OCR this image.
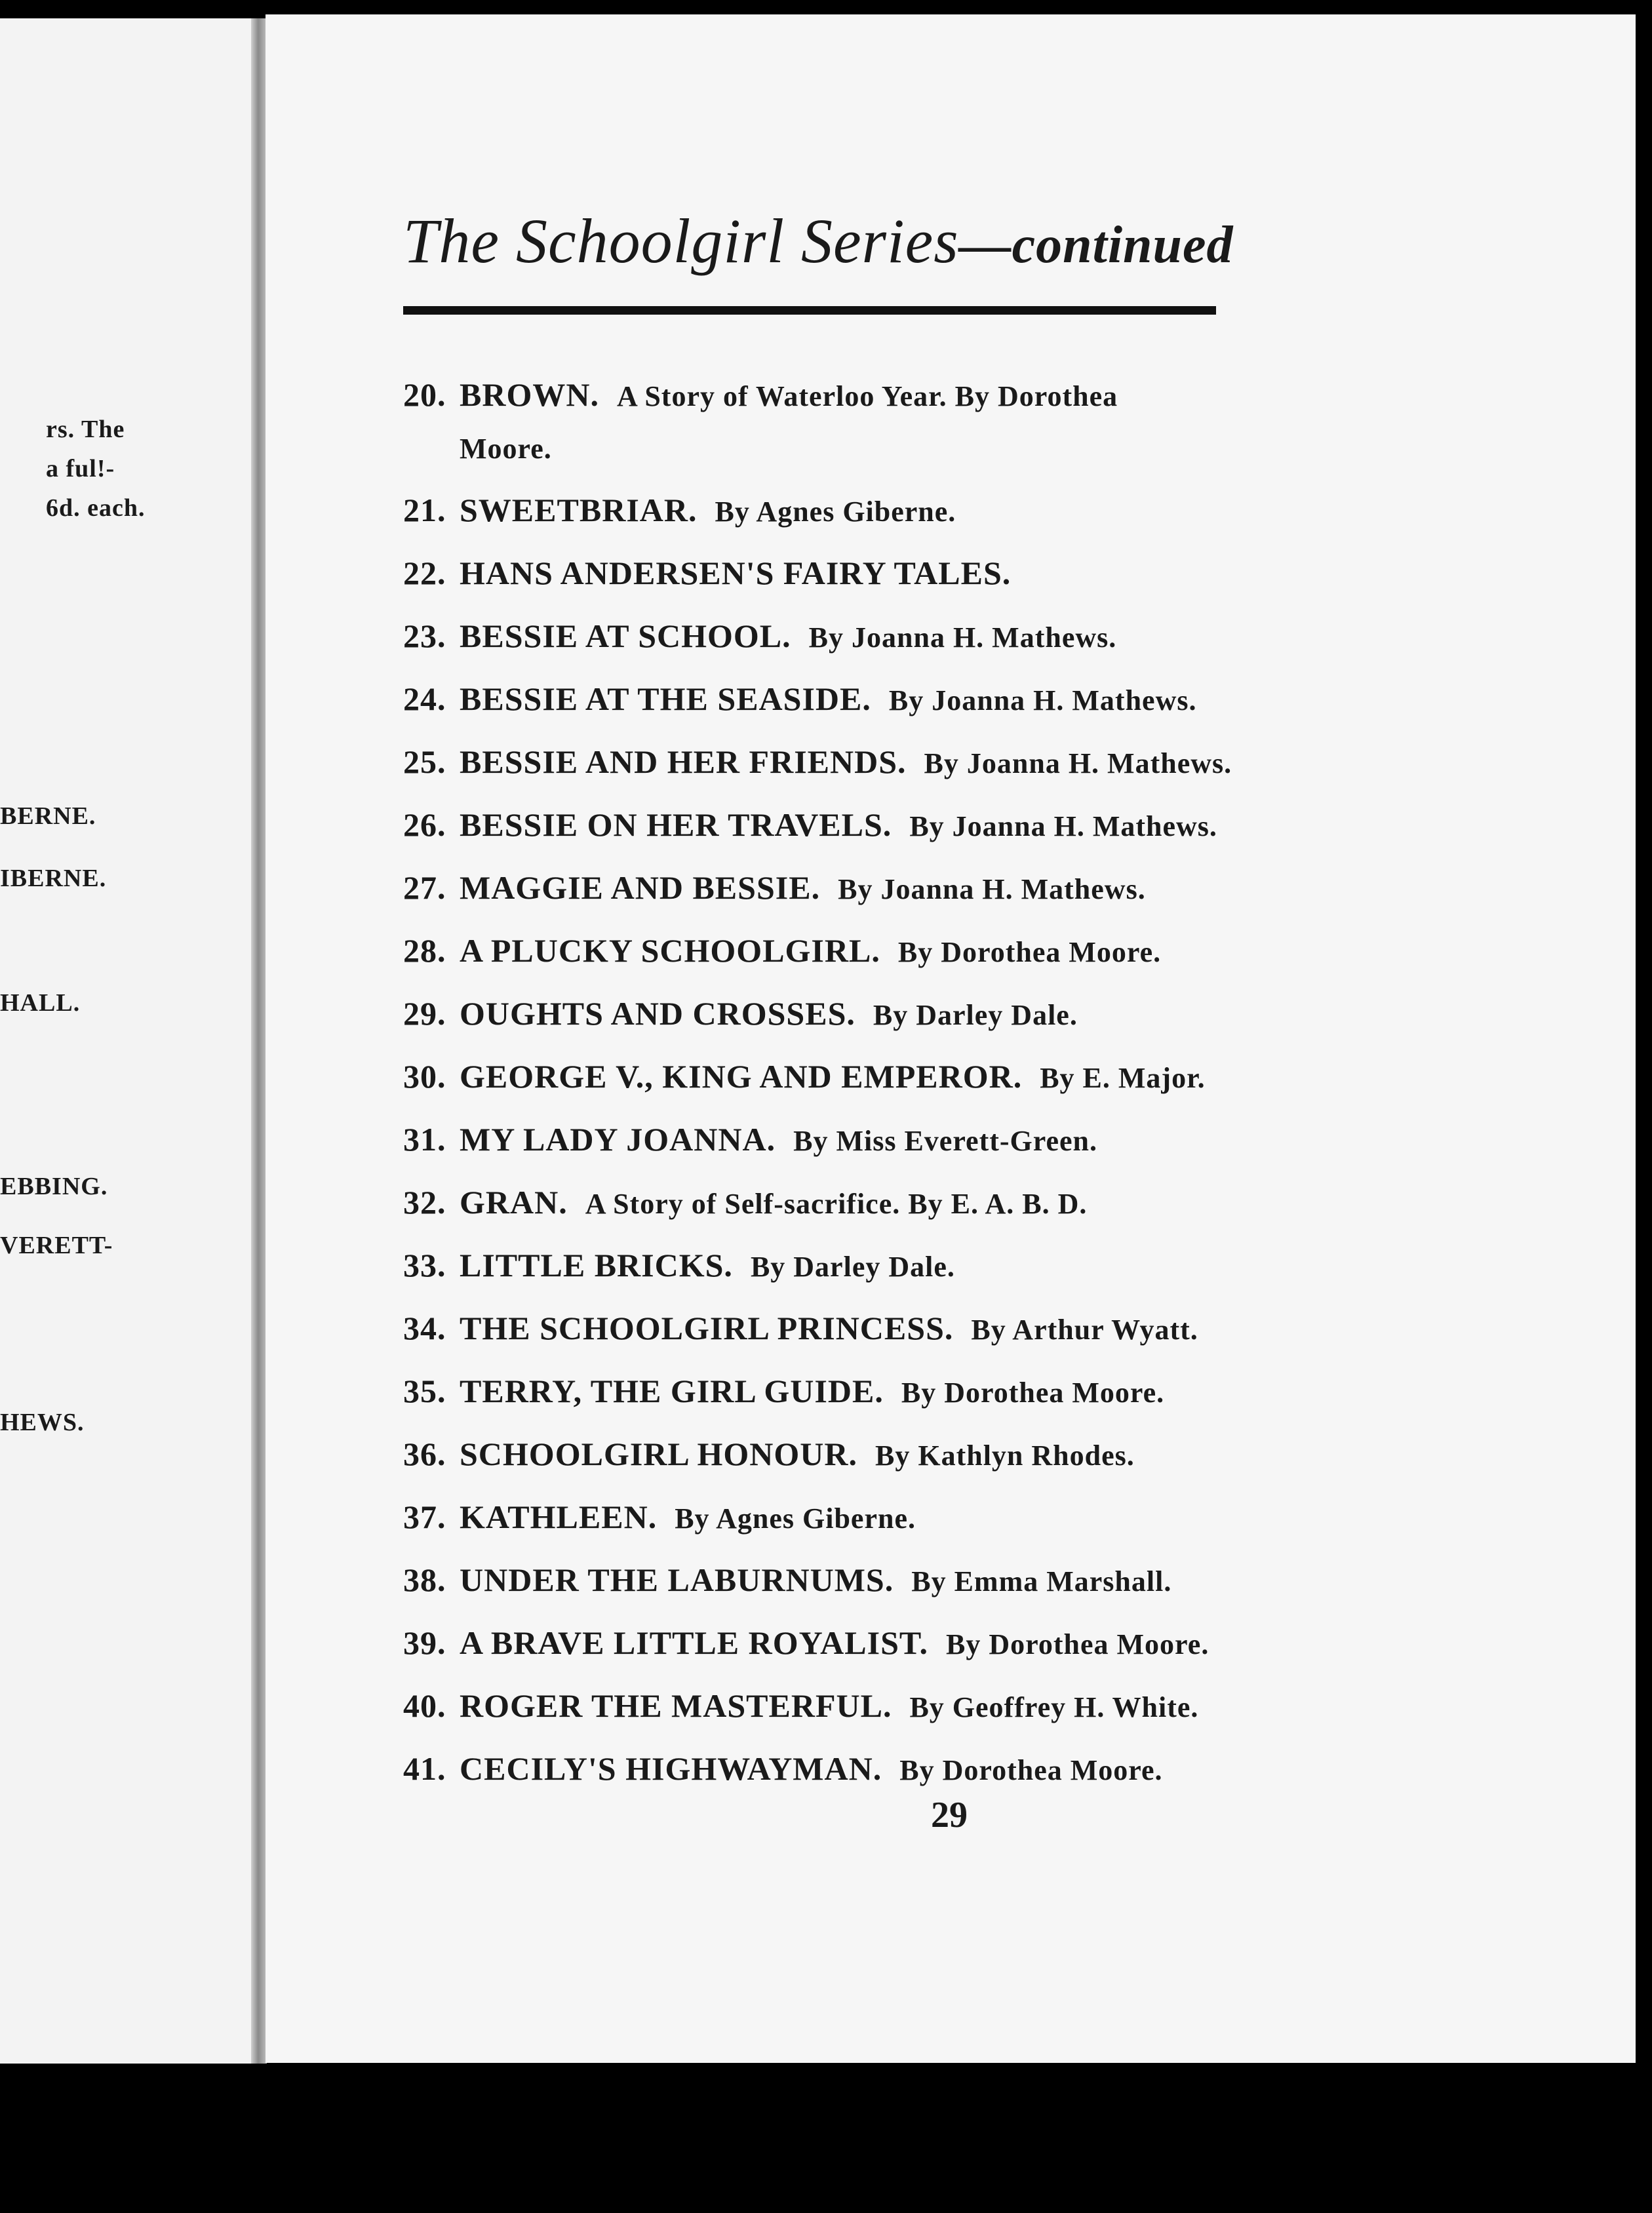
rs. The
a ful!-
6d. each.
BERNE.
IBERNE.
HALL.
EBBING.
VERETT-
HEWS.
The Schoolgirl Series—continued
20. BROWN. A Story of Waterloo Year. By Dorothea
Moore.
21. SWEETBRIAR. By Agnes Giberne.
22. HANS ANDERSEN'S FAIRY TALES.
23. BESSIE AT SCHOOL. By Joanna H. Mathews.
24. BESSIE AT THE SEASIDE. By Joanna H. Mathews.
25. BESSIE AND HER FRIENDS. By Joanna H. Mathews.
26. BESSIE ON HER TRAVELS. By Joanna H. Mathews.
27. MAGGIE AND BESSIE. By Joanna H. Mathews.
28. A PLUCKY SCHOOLGIRL. By Dorothea Moore.
29. OUGHTS AND CROSSES. By Darley Dale.
30. GEORGE V., KING AND EMPEROR. By E. Major.
31. MY LADY JOANNA. By Miss Everett-Green.
32. GRAN. A Story of Self-sacrifice. By E. A. B. D.
33. LITTLE BRICKS. By Darley Dale.
34. THE SCHOOLGIRL PRINCESS. By Arthur Wyatt.
35. TERRY, THE GIRL GUIDE. By Dorothea Moore.
36. SCHOOLGIRL HONOUR. By Kathlyn Rhodes.
37. KATHLEEN. By Agnes Giberne.
38. UNDER THE LABURNUMS. By Emma Marshall.
39. A BRAVE LITTLE ROYALIST. By Dorothea Moore.
40. ROGER THE MASTERFUL. By Geoffrey H. White.
41. CECILY'S HIGHWAYMAN. By Dorothea Moore.
29
